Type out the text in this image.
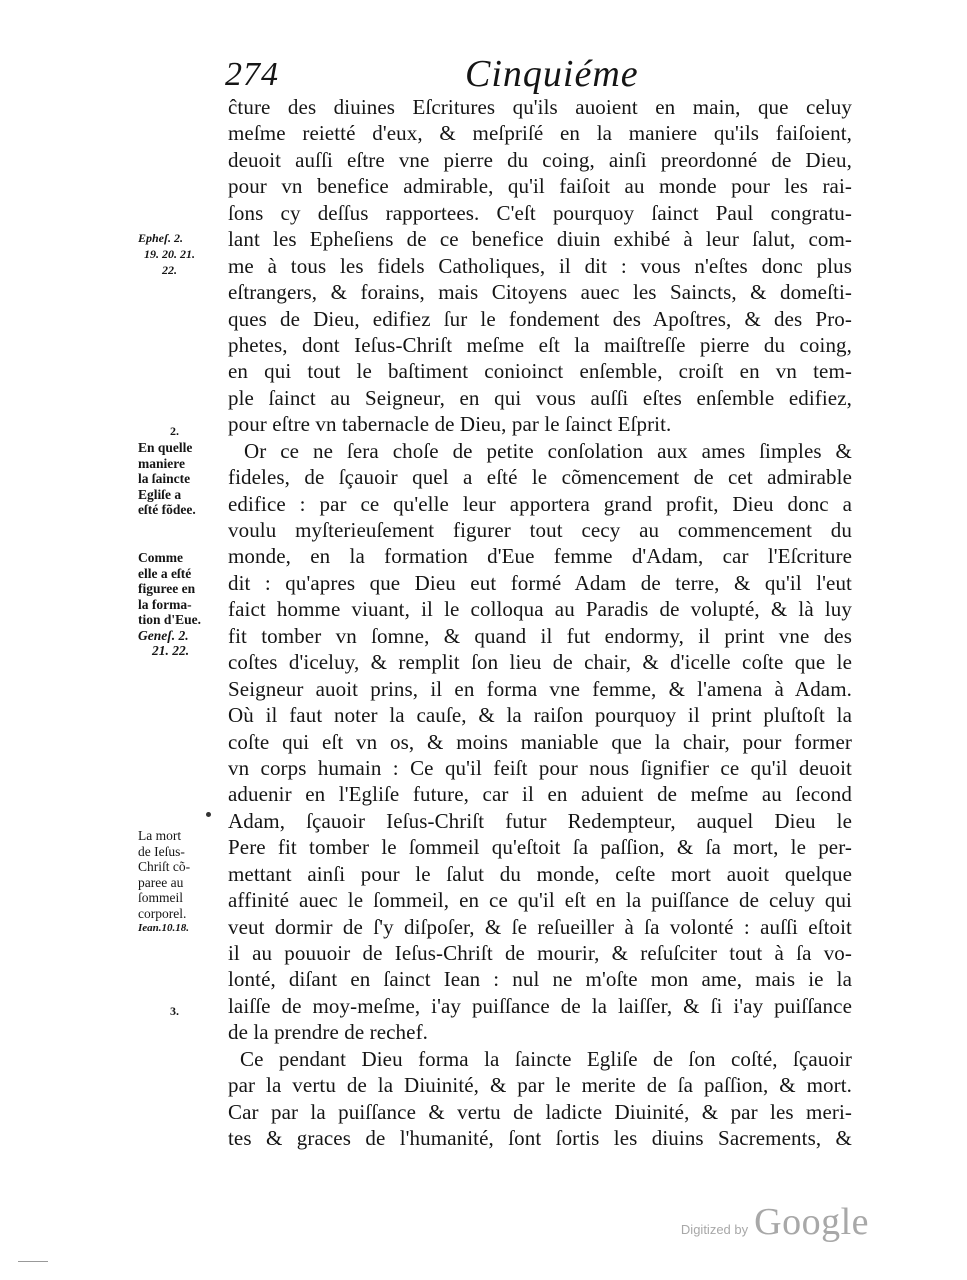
274	Cinquiéme
Epheſ. 2.
19. 20. 21.
22.
2.
En quelle
maniere
la ſaincte
Egliſe a
eſté fõdee.
Comme
elle a eſté
figuree en
la forma-
tion d'Eue.
Geneſ. 2.
21. 22.
La mort
de Ieſus-
Chriſt cõ-
paree au
ſommeil
corporel.
Iean.10.18.
3.
ĉture des diuines Eſcritures qu'ils auoient en main, que celuy
meſme reietté d'eux, & meſpriſé en la maniere qu'ils faiſoient,
deuoit auſſi eſtre vne pierre du coing, ainſi preordonné de Dieu,
pour vn benefice admirable, qu'il faiſoit au monde pour les rai-
ſons cy deſſus rapportees. C'eſt pourquoy ſainct Paul congratu-
lant les Epheſiens de ce benefice diuin exhibé à leur ſalut, com-
me à tous les fidels Catholiques, il dit : vous n'eſtes donc plus
eſtrangers, & forains, mais Citoyens auec les Saincts, & domeſti-
ques de Dieu, edifiez ſur le fondement des Apoſtres, & des Pro-
phetes, dont Ieſus-Chriſt meſme eſt la maiſtreſſe pierre du coing,
en qui tout le baſtiment conioinct enſemble, croiſt en vn tem-
ple ſainct au Seigneur, en qui vous auſſi eſtes enſemble edifiez,
pour eſtre vn tabernacle de Dieu, par le ſainct Eſprit.
Or ce ne ſera choſe de petite conſolation aux ames ſimples &
fideles, de ſçauoir quel a eſté le cõmencement de cet admirable
edifice : par ce qu'elle leur apportera grand profit, Dieu donc a
voulu myſterieuſement figurer tout cecy au commencement du
monde, en la formation d'Eue femme d'Adam, car l'Eſcriture
dit : qu'apres que Dieu eut formé Adam de terre, & qu'il l'eut
faict homme viuant, il le colloqua au Paradis de volupté, & là luy
fit tomber vn ſomne, & quand il fut endormy, il print vne des
coſtes d'iceluy, & remplit ſon lieu de chair, & d'icelle coſte que le
Seigneur auoit prins, il en forma vne femme, & l'amena à Adam.
Où il faut noter la cauſe, & la raiſon pourquoy il print pluſtoſt la
coſte qui eſt vn os, & moins maniable que la chair, pour former
vn corps humain : Ce qu'il feiſt pour nous ſignifier ce qu'il deuoit
aduenir en l'Egliſe future, car il en aduient de meſme au ſecond
Adam, ſçauoir Ieſus-Chriſt futur Redempteur, auquel Dieu le
Pere fit tomber le ſommeil qu'eſtoit ſa paſſion, & ſa mort, le per-
mettant ainſi pour le ſalut du monde, ceſte mort auoit quelque
affinité auec le ſommeil, en ce qu'il eſt en la puiſſance de celuy qui
veut dormir de ſ'y diſpoſer, & ſe reſueiller à ſa volonté : auſſi eſtoit
il au pouuoir de Ieſus-Chriſt de mourir, & reſuſciter tout à ſa vo-
lonté, diſant en ſainct Iean : nul ne m'oſte mon ame, mais ie la
laiſſe de moy-meſme, i'ay puiſſance de la laiſſer, & ſi i'ay puiſſance
de la prendre de rechef.
Ce pendant Dieu forma la ſaincte Egliſe de ſon coſté, ſçauoir
par la vertu de la Diuinité, & par le merite de ſa paſſion, & mort.
Car par la puiſſance & vertu de ladicte Diuinité, & par les meri-
tes & graces de l'humanité, ſont ſortis les diuins Sacrements, &
Digitized by Google
